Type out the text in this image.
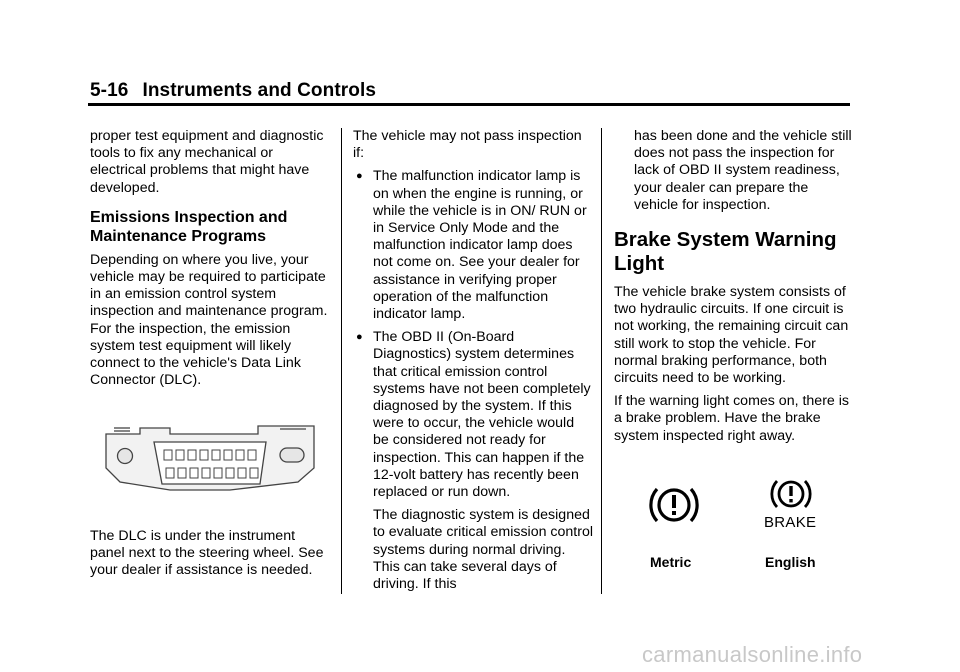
5-16 Instruments and Controls

proper test equipment and diagnostic tools to fix any mechanical or electrical problems that might have developed.

Emissions Inspection and Maintenance Programs

Depending on where you live, your vehicle may be required to participate in an emission control system inspection and maintenance program. For the inspection, the emission system test equipment will likely connect to the vehicle's Data Link Connector (DLC).

The DLC is under the instrument panel next to the steering wheel. See your dealer if assistance is needed.

The vehicle may not pass inspection if:

● The malfunction indicator lamp is on when the engine is running, or while the vehicle is in ON/ RUN or in Service Only Mode and the malfunction indicator lamp does not come on. See your dealer for assistance in verifying proper operation of the malfunction indicator lamp.
● The OBD II (On-Board Diagnostics) system determines that critical emission control systems have not been completely diagnosed by the system. If this were to occur, the vehicle would be considered not ready for inspection. This can happen if the 12-volt battery has recently been replaced or run down.

The diagnostic system is designed to evaluate critical emission control systems during normal driving. This can take several days of driving. If this

has been done and the vehicle still does not pass the inspection for lack of OBD II system readiness, your dealer can prepare the vehicle for inspection.

Brake System Warning Light

The vehicle brake system consists of two hydraulic circuits. If one circuit is not working, the remaining circuit can still work to stop the vehicle. For normal braking performance, both circuits need to be working.

If the warning light comes on, there is a brake problem. Have the brake system inspected right away.

BRAKE
Metric	English
carmanualsonline.info
